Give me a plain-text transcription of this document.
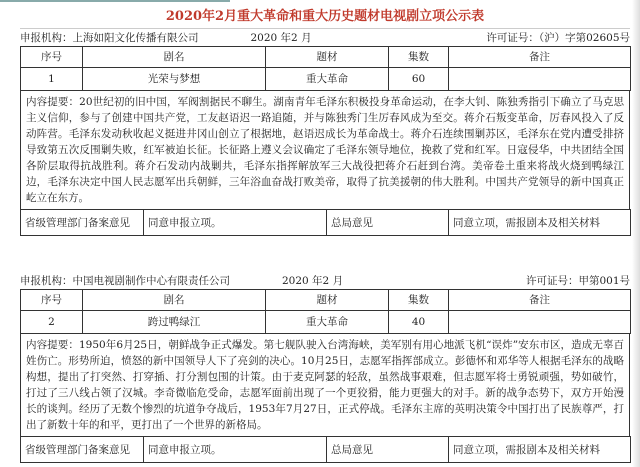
2020年2月重大革命和重大历史题材电视剧立项公示表
申报机构：上海如阳文化传播有限公司	2020 年2 月	许可证号：（沪）字第02605号
序号	剧名	题材	集数	备注
1	光荣与梦想	重大革命	60	
内容提要：20世纪初的旧中国，军阀割据民不聊生。湖南青年毛泽东积极投身革命运动，在李大钊、陈独秀指引下确立了马克思主义信仰，参与了创建中国共产党，工友赵语迟一路追随，并与陈独秀门生厉春风成为至交。蒋介石叛变革命，厉春风投入了反动阵营。毛泽东发动秋收起义挺进井冈山创立了根据地，赵语迟成长为革命战士。蒋介石连续围剿苏区，毛泽东在党内遭受排挤导致第五次反围剿失败，红军被迫长征。长征路上遵义会议确定了毛泽东领导地位，挽救了党和红军。日寇侵华，中共团结全国各阶层取得抗战胜利。蒋介石发动内战剿共，毛泽东指挥解放军三大战役把蒋介石赶到台湾。美帝卷土重来将战火烧到鸭绿江边，毛泽东决定中国人民志愿军出兵朝鲜，三年浴血奋战打败美帝，取得了抗美援朝的伟大胜利。中国共产党领导的新中国真正屹立在东方。
省级管理部门备案意见	同意申报立项。	总局意见	同意立项，需报剧本及相关材料
申报机构：中国电视剧制作中心有限责任公司	2020 年2 月	许可证号：甲第001号
序号	剧名	题材	集数	备注
2	跨过鸭绿江	重大革命	40	
内容提要：1950年6月25日，朝鲜战争正式爆发。第七舰队驶入台湾海峡，美军别有用心地派飞机“误炸”安东市区，造成无辜百姓伤亡。形势所迫，愤怒的新中国领导人下了亮剑的决心。10月25日，志愿军指挥部成立。彭德怀和邓华等人根据毛泽东的战略构想，提出了打突然、打穿插、打分割包围的计策。由于麦克阿瑟的轻敌，虽然战事艰难，但志愿军将士勇锐顽强，势如破竹，打过了三八线占领了汉城。李奇微临危受命，志愿军面前出现了一个更狡猾，能力更强大的对手。新的战争态势下，双方开始漫长的谈判。经历了无数个惨烈的坑道争夺战后，1953年7月27日，正式停战。毛泽东主席的英明决策令中国打出了民族尊严，打出了新数十年的和平，更打出了一个世界的新格局。
省级管理部门备案意见	同意申报立项。	总局意见	同意立项，需报剧本及相关材料
